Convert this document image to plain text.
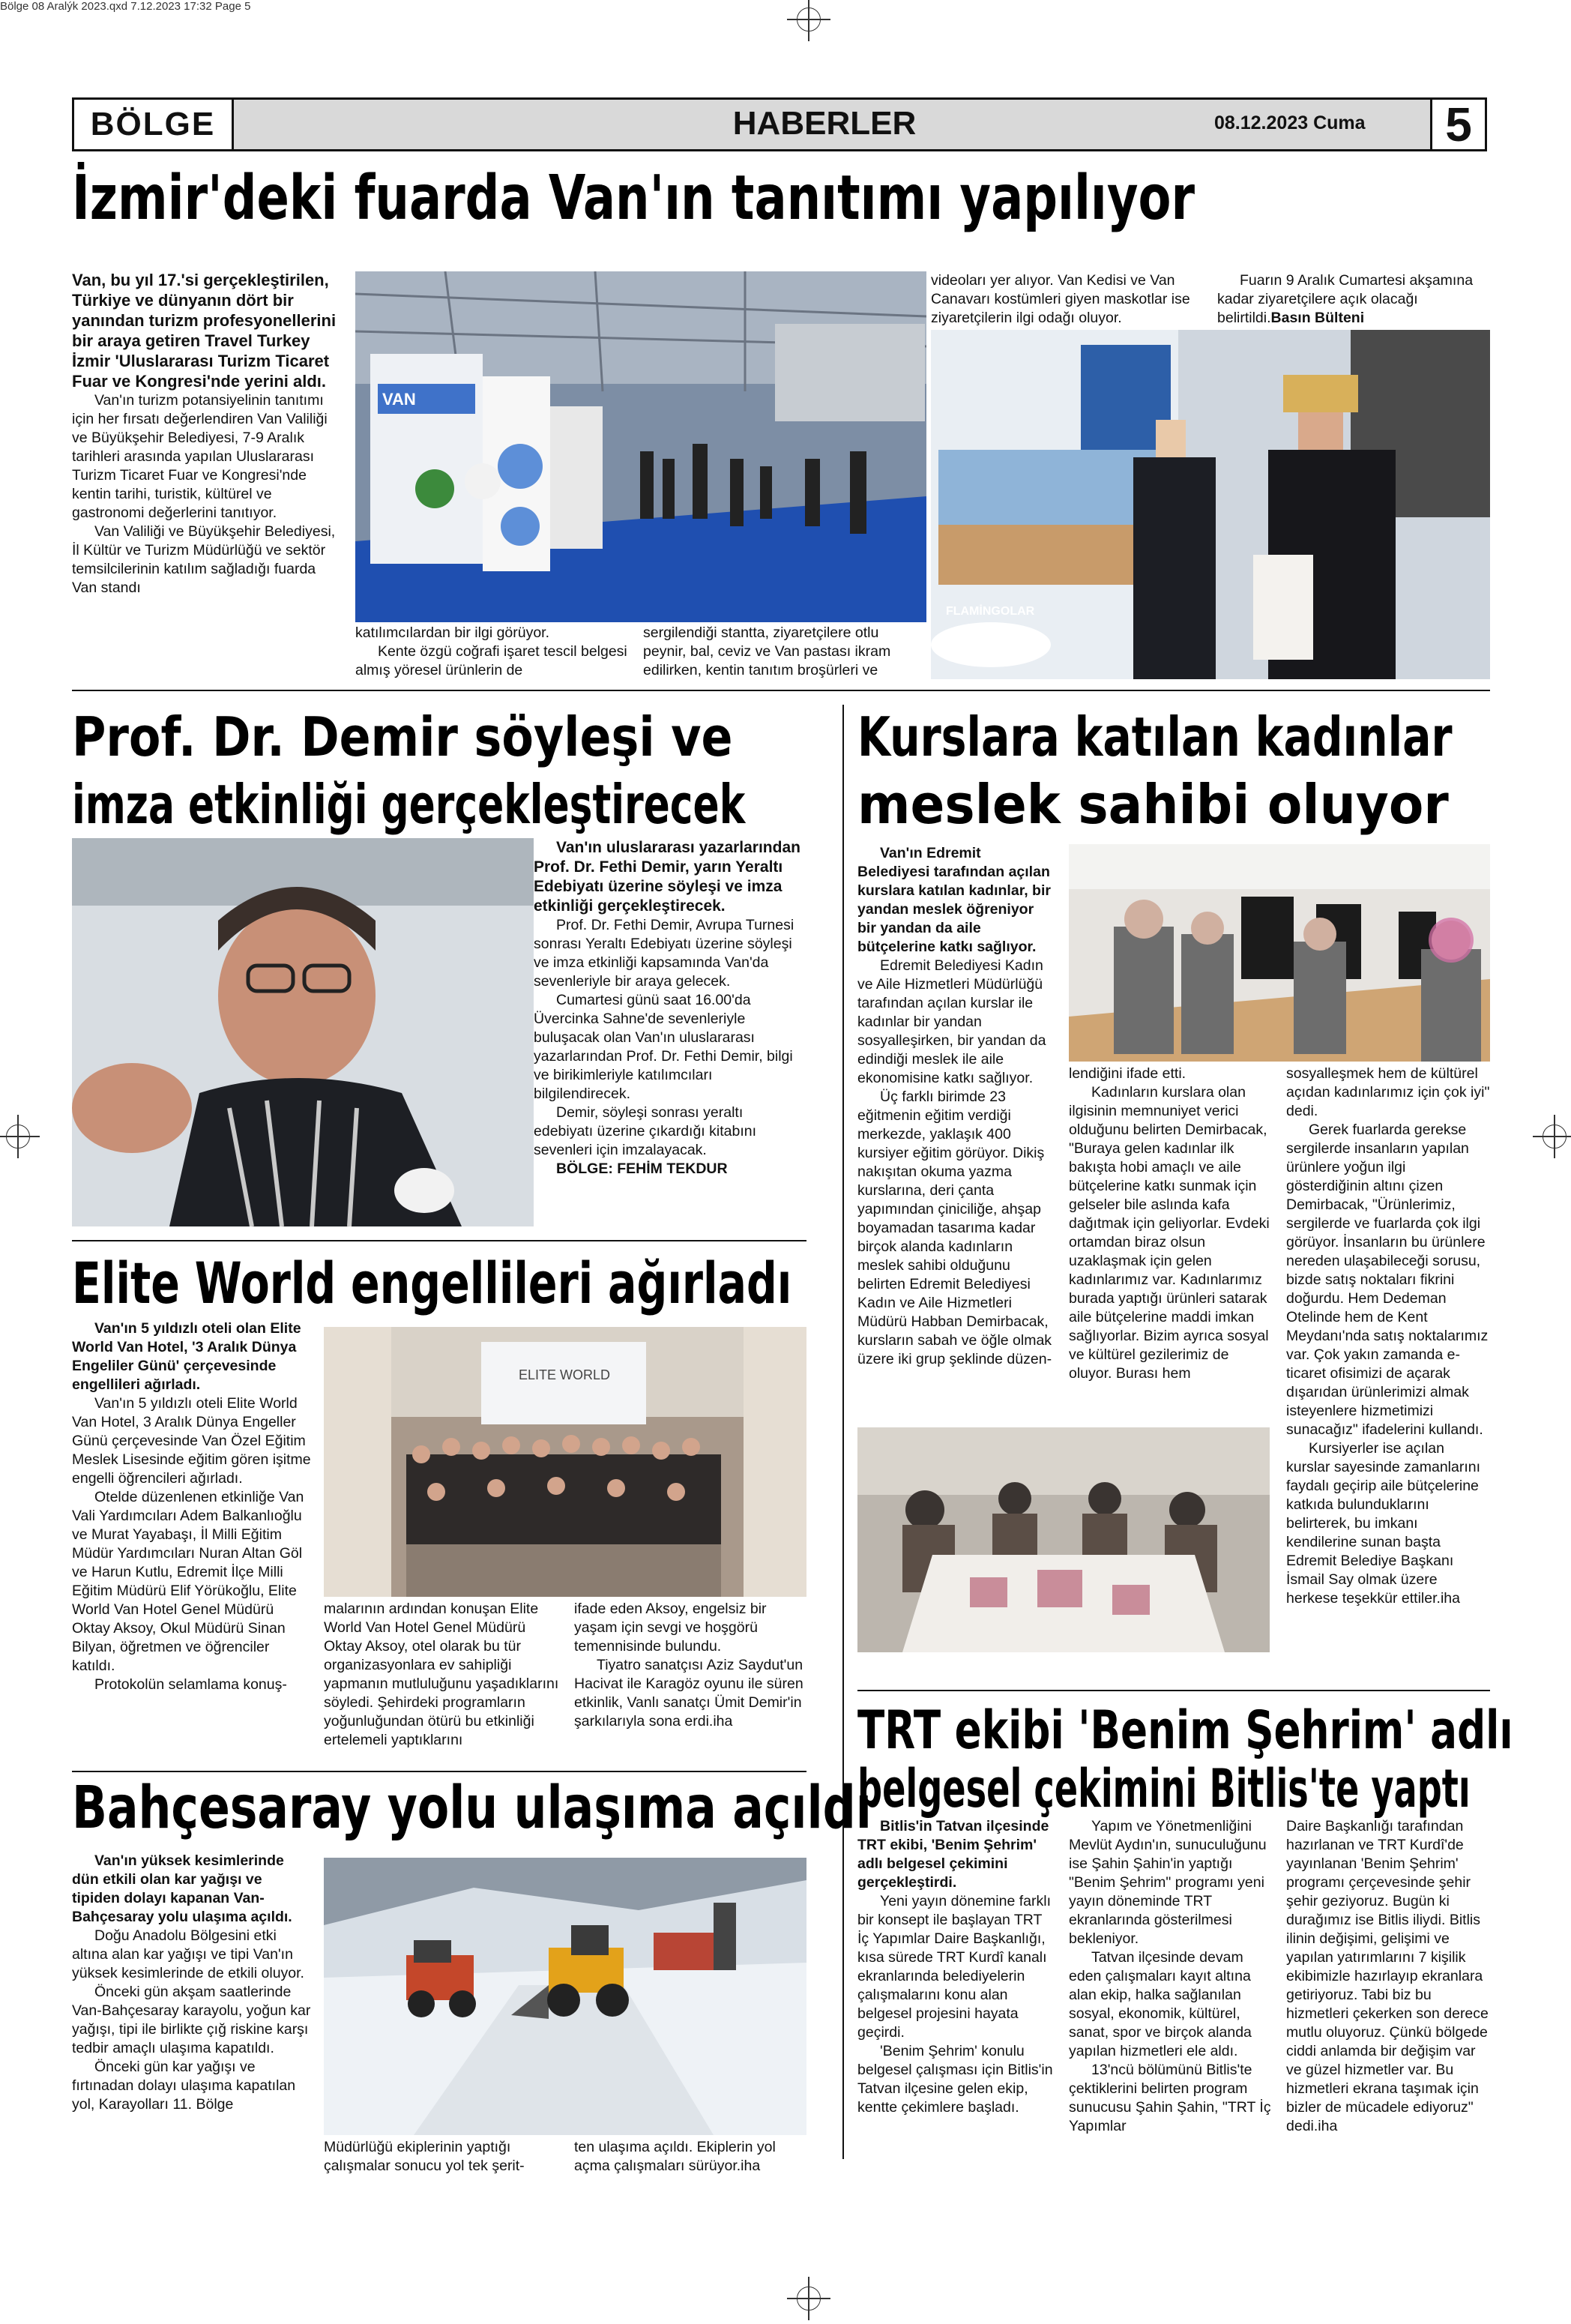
Bölge 08 Aralýk 2023.qxd 7.12.2023 17:32 Page 5
BÖLGE	HABERLER	08.12.2023 Cuma	5
İzmir'deki fuarda Van'ın tanıtımı yapılıyor

Van, bu yıl 17.'si gerçekleştirilen, Türkiye ve dünyanın dört bir yanından turizm profesyonellerini bir araya getiren Travel Turkey İzmir 'Uluslararası Turizm Ticaret Fuar ve Kongresi'nde yerini aldı.

Van'ın turizm potansiyelinin tanıtımı için her fırsatı değerlendiren Van Valiliği ve Büyükşehir Belediyesi, 7-9 Aralık tarihleri arasında yapılan Uluslararası Turizm Ticaret Fuar ve Kongresi'nde kentin tarihi, turistik, kültürel ve gastronomi değerlerini tanıtıyor.

Van Valiliği ve Büyükşehir Belediyesi, İl Kültür ve Turizm Müdürlüğü ve sektör temsilcilerinin katılım sağladığı fuarda Van standı

VAN

katılımcılardan bir ilgi görüyor.

Kente özgü coğrafi işaret tescil belgesi almış yöresel ürünlerin de

sergilendiği stantta, ziyaretçilere otlu peynir, bal, ceviz ve Van pastası ikram edilirken, kentin tanıtım broşürleri ve
videoları yer alıyor. Van Kedisi ve Van Canavarı kostümleri giyen maskotlar ise ziyaretçilerin ilgi odağı oluyor.

Fuarın 9 Aralık Cumartesi akşamına kadar ziyaretçilere açık olacağı belirtildi.Basın Bülteni

FLAMİNGOLAR
Prof. Dr. Demir söyleşi ve
imza etkinliği gerçekleştirecek

Van'ın uluslararası yazarlarından Prof. Dr. Fethi Demir, yarın Yeraltı Edebiyatı üzerine söyleşi ve imza etkinliği gerçekleştirecek.

Prof. Dr. Fethi Demir, Avrupa Turnesi sonrası Yeraltı Edebiyatı üzerine söyleşi ve imza etkinliği kapsamında Van'da sevenleriyle bir araya gelecek.

Cumartesi günü saat 16.00'da Üvercinka Sahne'de sevenleriyle buluşacak olan Van'ın uluslararası yazarlarından Prof. Dr. Fethi Demir, bilgi ve birikimleriyle katılımcıları bilgilendirecek.

Demir, söyleşi sonrası yeraltı edebiyatı üzerine çıkardığı kitabını sevenleri için imzalayacak.

BÖLGE: FEHİM TEKDUR

Kurslara katılan kadınlar
meslek sahibi oluyor

Van'ın Edremit Belediyesi tarafından açılan kurslara katılan kadınlar, bir yandan meslek öğreniyor bir yandan da aile bütçelerine katkı sağlıyor.

Edremit Belediyesi Kadın ve Aile Hizmetleri Müdürlüğü tarafından açılan kurslar ile kadınlar bir yandan sosyalleşirken, bir yandan da edindiği meslek ile aile ekonomisine katkı sağlıyor.

Üç farklı birimde 23 eğitmenin eğitim verdiği merkezde, yaklaşık 400 kursiyer eğitim görüyor. Dikiş nakışıtan okuma yazma kurslarına, deri çanta yapımından çiniciliğe, ahşap boyamadan tasarıma kadar birçok alanda kadınların meslek sahibi olduğunu belirten Edremit Belediyesi Kadın ve Aile Hizmetleri Müdürü Habban Demirbacak, kursların sabah ve öğle olmak üzere iki grup şeklinde düzen-

lendiğini ifade etti.

Kadınların kurslara olan ilgisinin memnuniyet verici olduğunu belirten Demirbacak, "Buraya gelen kadınlar ilk bakışta hobi amaçlı ve aile bütçelerine katkı sunmak için gelseler bile aslında kafa dağıtmak için geliyorlar. Evdeki ortamdan biraz olsun uzaklaşmak için gelen kadınlarımız var. Kadınlarımız burada yaptığı ürünleri satarak aile bütçelerine maddi imkan sağlıyorlar. Bizim ayrıca sosyal ve kültürel gezilerimiz de oluyor. Burası hem

sosyalleşmek hem de kültürel açıdan kadınlarımız için çok iyi" dedi.

Gerek fuarlarda gerekse sergilerde insanların yapılan ürünlere yoğun ilgi gösterdiğinin altını çizen Demirbacak, "Ürünlerimiz, sergilerde ve fuarlarda çok ilgi görüyor. İnsanların bu ürünlere nereden ulaşabileceği sorusu, bizde satış noktaları fikrini doğurdu. Hem Dedeman Otelinde hem de Kent Meydanı'nda satış noktalarımız var. Çok yakın zamanda e-ticaret ofisimizi de açarak dışarıdan ürünlerimizi almak isteyenlere hizmetimizi sunacağız" ifadelerini kullandı.

Kursiyerler ise açılan kurslar sayesinde zamanlarını faydalı geçirip aile bütçelerine katkıda bulunduklarını belirterek, bu imkanı kendilerine sunan başta Edremit Belediye Başkanı İsmail Say olmak üzere herkese teşekkür ettiler.iha

Elite World engellileri ağırladı

Van'ın 5 yıldızlı oteli olan Elite World Van Hotel, '3 Aralık Dünya Engeliler Günü' çerçevesinde engellileri ağırladı.

Van'ın 5 yıldızlı oteli Elite World Van Hotel, 3 Aralık Dünya Engeller Günü çerçevesinde Van Özel Eğitim Meslek Lisesinde eğitim gören işitme engelli öğrencileri ağırladı.

Otelde düzenlenen etkinliğe Van Vali Yardımcıları Adem Balkanlıoğlu ve Murat Yayabaşı, İl Milli Eğitim Müdür Yardımcıları Nuran Altan Göl ve Harun Kutlu, Edremit İlçe Milli Eğitim Müdürü Elif Yörükoğlu, Elite World Van Hotel Genel Müdürü Oktay Aksoy, Okul Müdürü Sinan Bilyan, öğretmen ve öğrenciler katıldı.

Protokolün selamlama konuş-

ELITE WORLD
malarının ardından konuşan Elite World Van Hotel Genel Müdürü Oktay Aksoy, otel olarak bu tür organizasyonlara ev sahipliği yapmanın mutluluğunu yaşadıklarını söyledi. Şehirdeki programların yoğunluğundan ötürü bu etkinliği ertelemeli yaptıklarını

ifade eden Aksoy, engelsiz bir yaşam için sevgi ve hoşgörü temennisinde bulundu.

Tiyatro sanatçısı Aziz Saydut'un Hacivat ile Karagöz oyunu ile süren etkinlik, Vanlı sanatçı Ümit Demir'in şarkılarıyla sona erdi.iha

Bahçesaray yolu ulaşıma açıldı

Van'ın yüksek kesimlerinde dün etkili olan kar yağışı ve tipiden dolayı kapanan Van-Bahçesaray yolu ulaşıma açıldı.

Doğu Anadolu Bölgesini etki altına alan kar yağışı ve tipi Van'ın yüksek kesimlerinde de etkili oluyor.

Önceki gün akşam saatlerinde Van-Bahçesaray karayolu, yoğun kar yağışı, tipi ile birlikte çığ riskine karşı tedbir amaçlı ulaşıma kapatıldı.

Önceki gün kar yağışı ve fırtınadan dolayı ulaşıma kapatılan yol, Karayolları 11. Bölge

Müdürlüğü ekiplerinin yaptığı çalışmalar sonucu yol tek şerit-

ten ulaşıma açıldı. Ekiplerin yol açma çalışmaları sürüyor.iha

TRT ekibi 'Benim Şehrim' adlı
belgesel çekimini Bitlis'te yaptı

Bitlis'in Tatvan ilçesinde TRT ekibi, 'Benim Şehrim' adlı belgesel çekimini gerçekleştirdi.

Yeni yayın dönemine farklı bir konsept ile başlayan TRT İç Yapımlar Daire Başkanlığı, kısa sürede TRT Kurdî kanalı ekranlarında belediyelerin çalışmalarını konu alan belgesel projesini hayata geçirdi.

'Benim Şehrim' konulu belgesel çalışması için Bitlis'in Tatvan ilçesine gelen ekip, kentte çekimlere başladı.

Yapım ve Yönetmenliğini Mevlüt Aydın'ın, sunuculuğunu ise Şahin Şahin'in yaptığı "Benim Şehrim" programı yeni yayın döneminde TRT ekranlarında gösterilmesi bekleniyor.

Tatvan ilçesinde devam eden çalışmaları kayıt altına alan ekip, halka sağlanılan sosyal, ekonomik, kültürel, sanat, spor ve birçok alanda yapılan hizmetleri ele aldı.

13'ncü bölümünü Bitlis'te çektiklerini belirten program sunucusu Şahin Şahin, "TRT İç Yapımlar

Daire Başkanlığı tarafından hazırlanan ve TRT Kurdî'de yayınlanan 'Benim Şehrim' programı çerçevesinde şehir şehir geziyoruz. Bugün ki durağımız ise Bitlis iliydi. Bitlis ilinin değişimi, gelişimi ve yapılan yatırımlarını 7 kişilik ekibimizle hazırlayıp ekranlara getiriyoruz. Tabi biz bu hizmetleri çekerken son derece mutlu oluyoruz. Çünkü bölgede ciddi anlamda bir değişim var ve güzel hizmetler var. Bu hizmetleri ekrana taşımak için bizler de mücadele ediyoruz" dedi.iha
